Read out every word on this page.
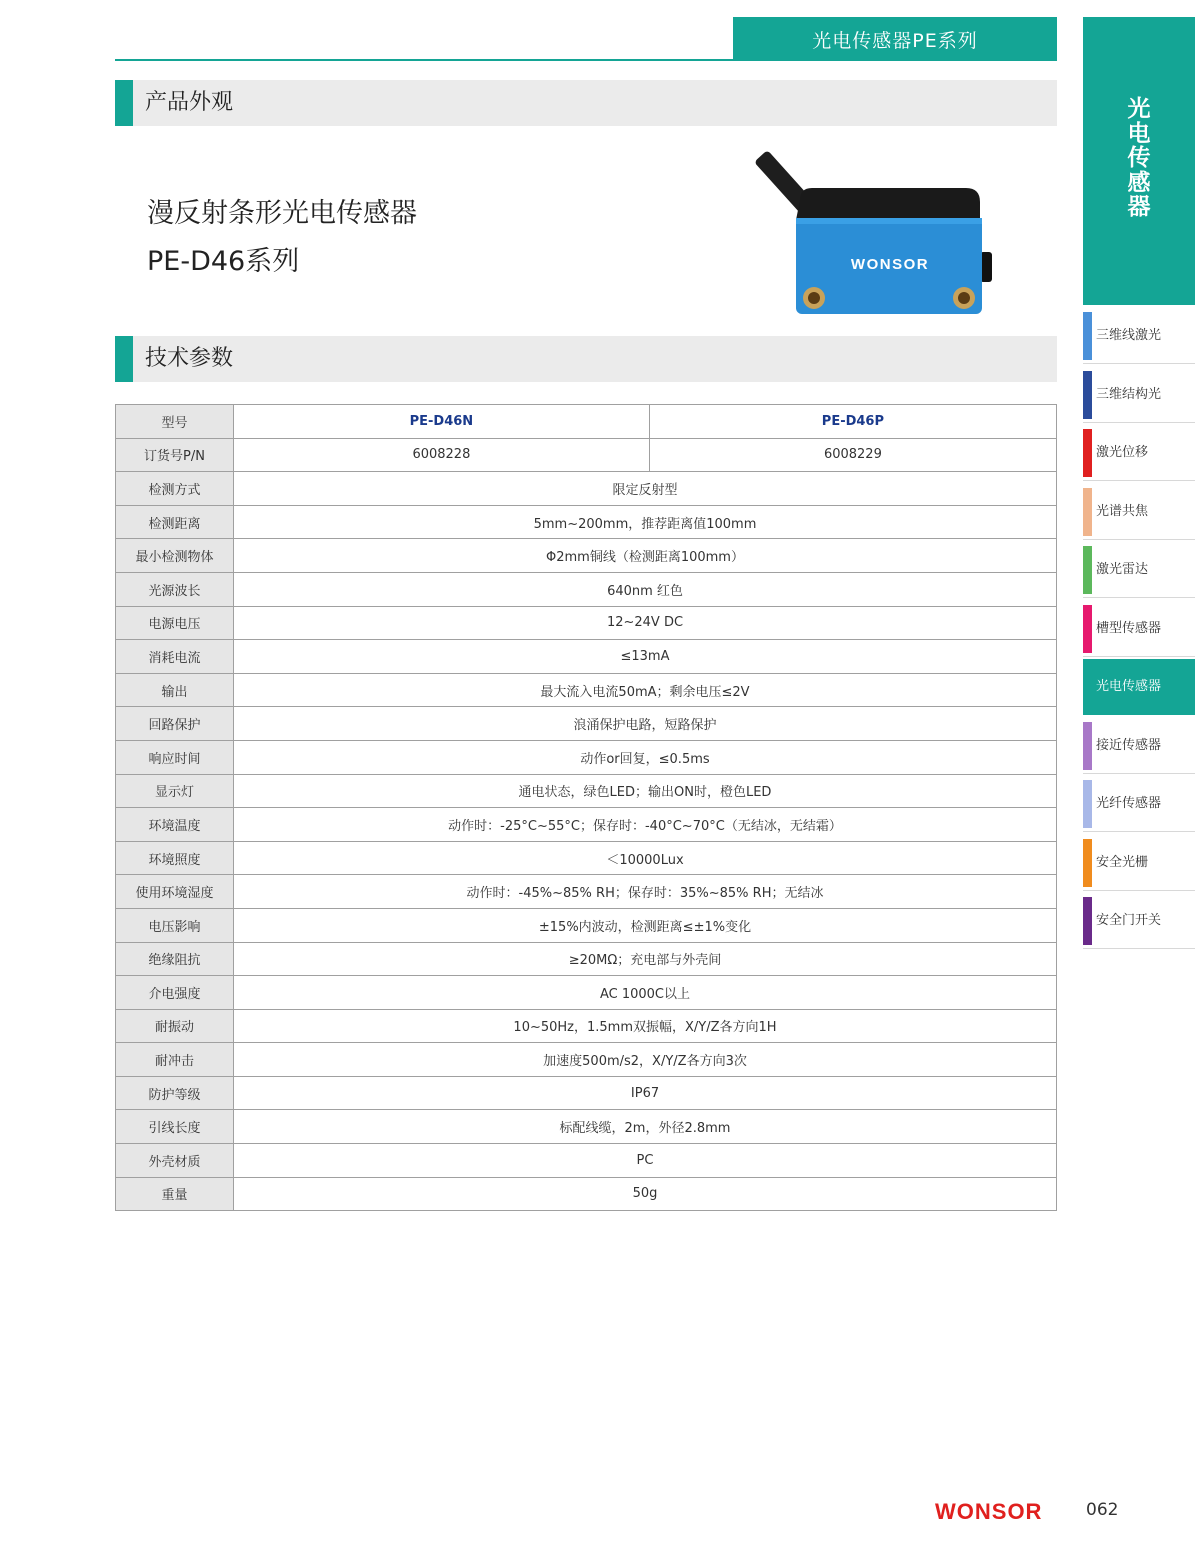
光电传感器PE系列
产品外观
漫反射条形光电传感器
PE-D46系列	WONSOR
技术参数
型号	PE-D46N	PE-D46P
订货号P/N	6008228	6008229
检测方式	限定反射型	
检测距离	5mm~200mm，推荐距离值100mm	
最小检测物体	Φ2mm铜线（检测距离100mm）	
光源波长	640nm 红色	
电源电压	12~24V DC	
消耗电流	≤13mA	
输出	最大流入电流50mA；剩余电压≤2V	
回路保护	浪涌保护电路，短路保护	
响应时间	动作or回复，≤0.5ms	
显示灯	通电状态，绿色LED；输出ON时，橙色LED	
环境温度	动作时：-25°C~55°C；保存时：-40°C~70°C（无结冰，无结霜）	
环境照度	＜10000Lux	
使用环境湿度	动作时：-45%~85% RH；保存时：35%~85% RH；无结冰	
电压影响	±15%内波动，检测距离≤±1%变化	
绝缘阻抗	≥20MΩ；充电部与外壳间	
介电强度	AC 1000C以上	
耐振动	10~50Hz，1.5mm双振幅，X/Y/Z各方向1H	
耐冲击	加速度500m/s2，X/Y/Z各方向3次	
防护等级	IP67	
引线长度	标配线缆，2m，外径2.8mm	
外壳材质	PC	
重量	50g	
光
电
传
感
器
三维线激光
三维结构光
激光位移
光谱共焦
激光雷达
槽型传感器
光电传感器
接近传感器
光纤传感器
安全光栅
安全门开关
WONSOR	062
